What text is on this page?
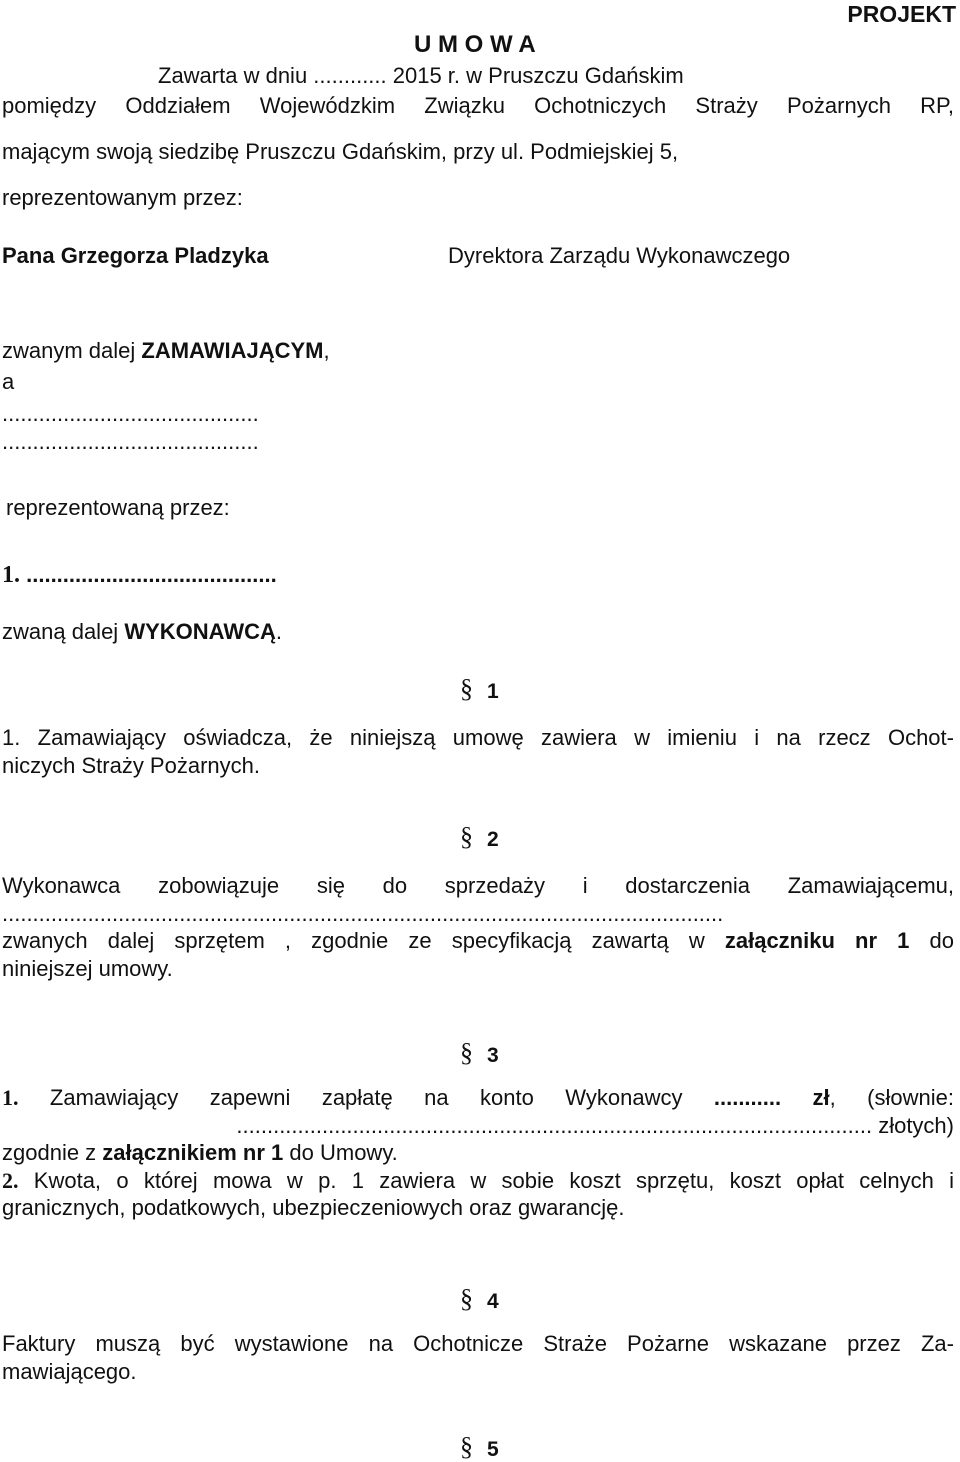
PROJEKT
U M O W A
Zawarta w dniu ............ 2015 r. w Pruszczu Gdańskim
pomiędzy Oddziałem Wojewódzkim Związku Ochotniczych Straży Pożarnych RP,
mającym swoją siedzibę Pruszczu Gdańskim, przy ul. Podmiejskiej 5,
reprezentowanym przez:
Pana Grzegorza Pladzyka	Dyrektora Zarządu Wykonawczego
zwanym dalej ZAMAWIAJĄCYM,
a
..........................................
..........................................
reprezentowaną przez:
1. .........................................
zwaną dalej WYKONAWCĄ.
§ 1
1. Zamawiający oświadcza, że niniejszą umowę zawiera w imieniu i na rzecz Ochot-
niczych Straży Pożarnych.
§ 2
Wykonawca zobowiązuje się do sprzedaży i dostarczenia Zamawiającemu,
......................................................................................................................
zwanych dalej sprzętem , zgodnie ze specyfikacją zawartą w załączniku nr 1 do
niniejszej umowy.
§ 3
1. Zamawiający zapewni zapłatę na konto Wykonawcy ........... zł, (słownie:
........................................................................................................ złotych)
zgodnie z załącznikiem nr 1 do Umowy.
2. Kwota, o której mowa w p. 1 zawiera w sobie koszt sprzętu, koszt opłat celnych i
granicznych, podatkowych, ubezpieczeniowych oraz gwarancję.
§ 4
Faktury muszą być wystawione na Ochotnicze Straże Pożarne wskazane przez Za-
mawiającego.
§ 5
